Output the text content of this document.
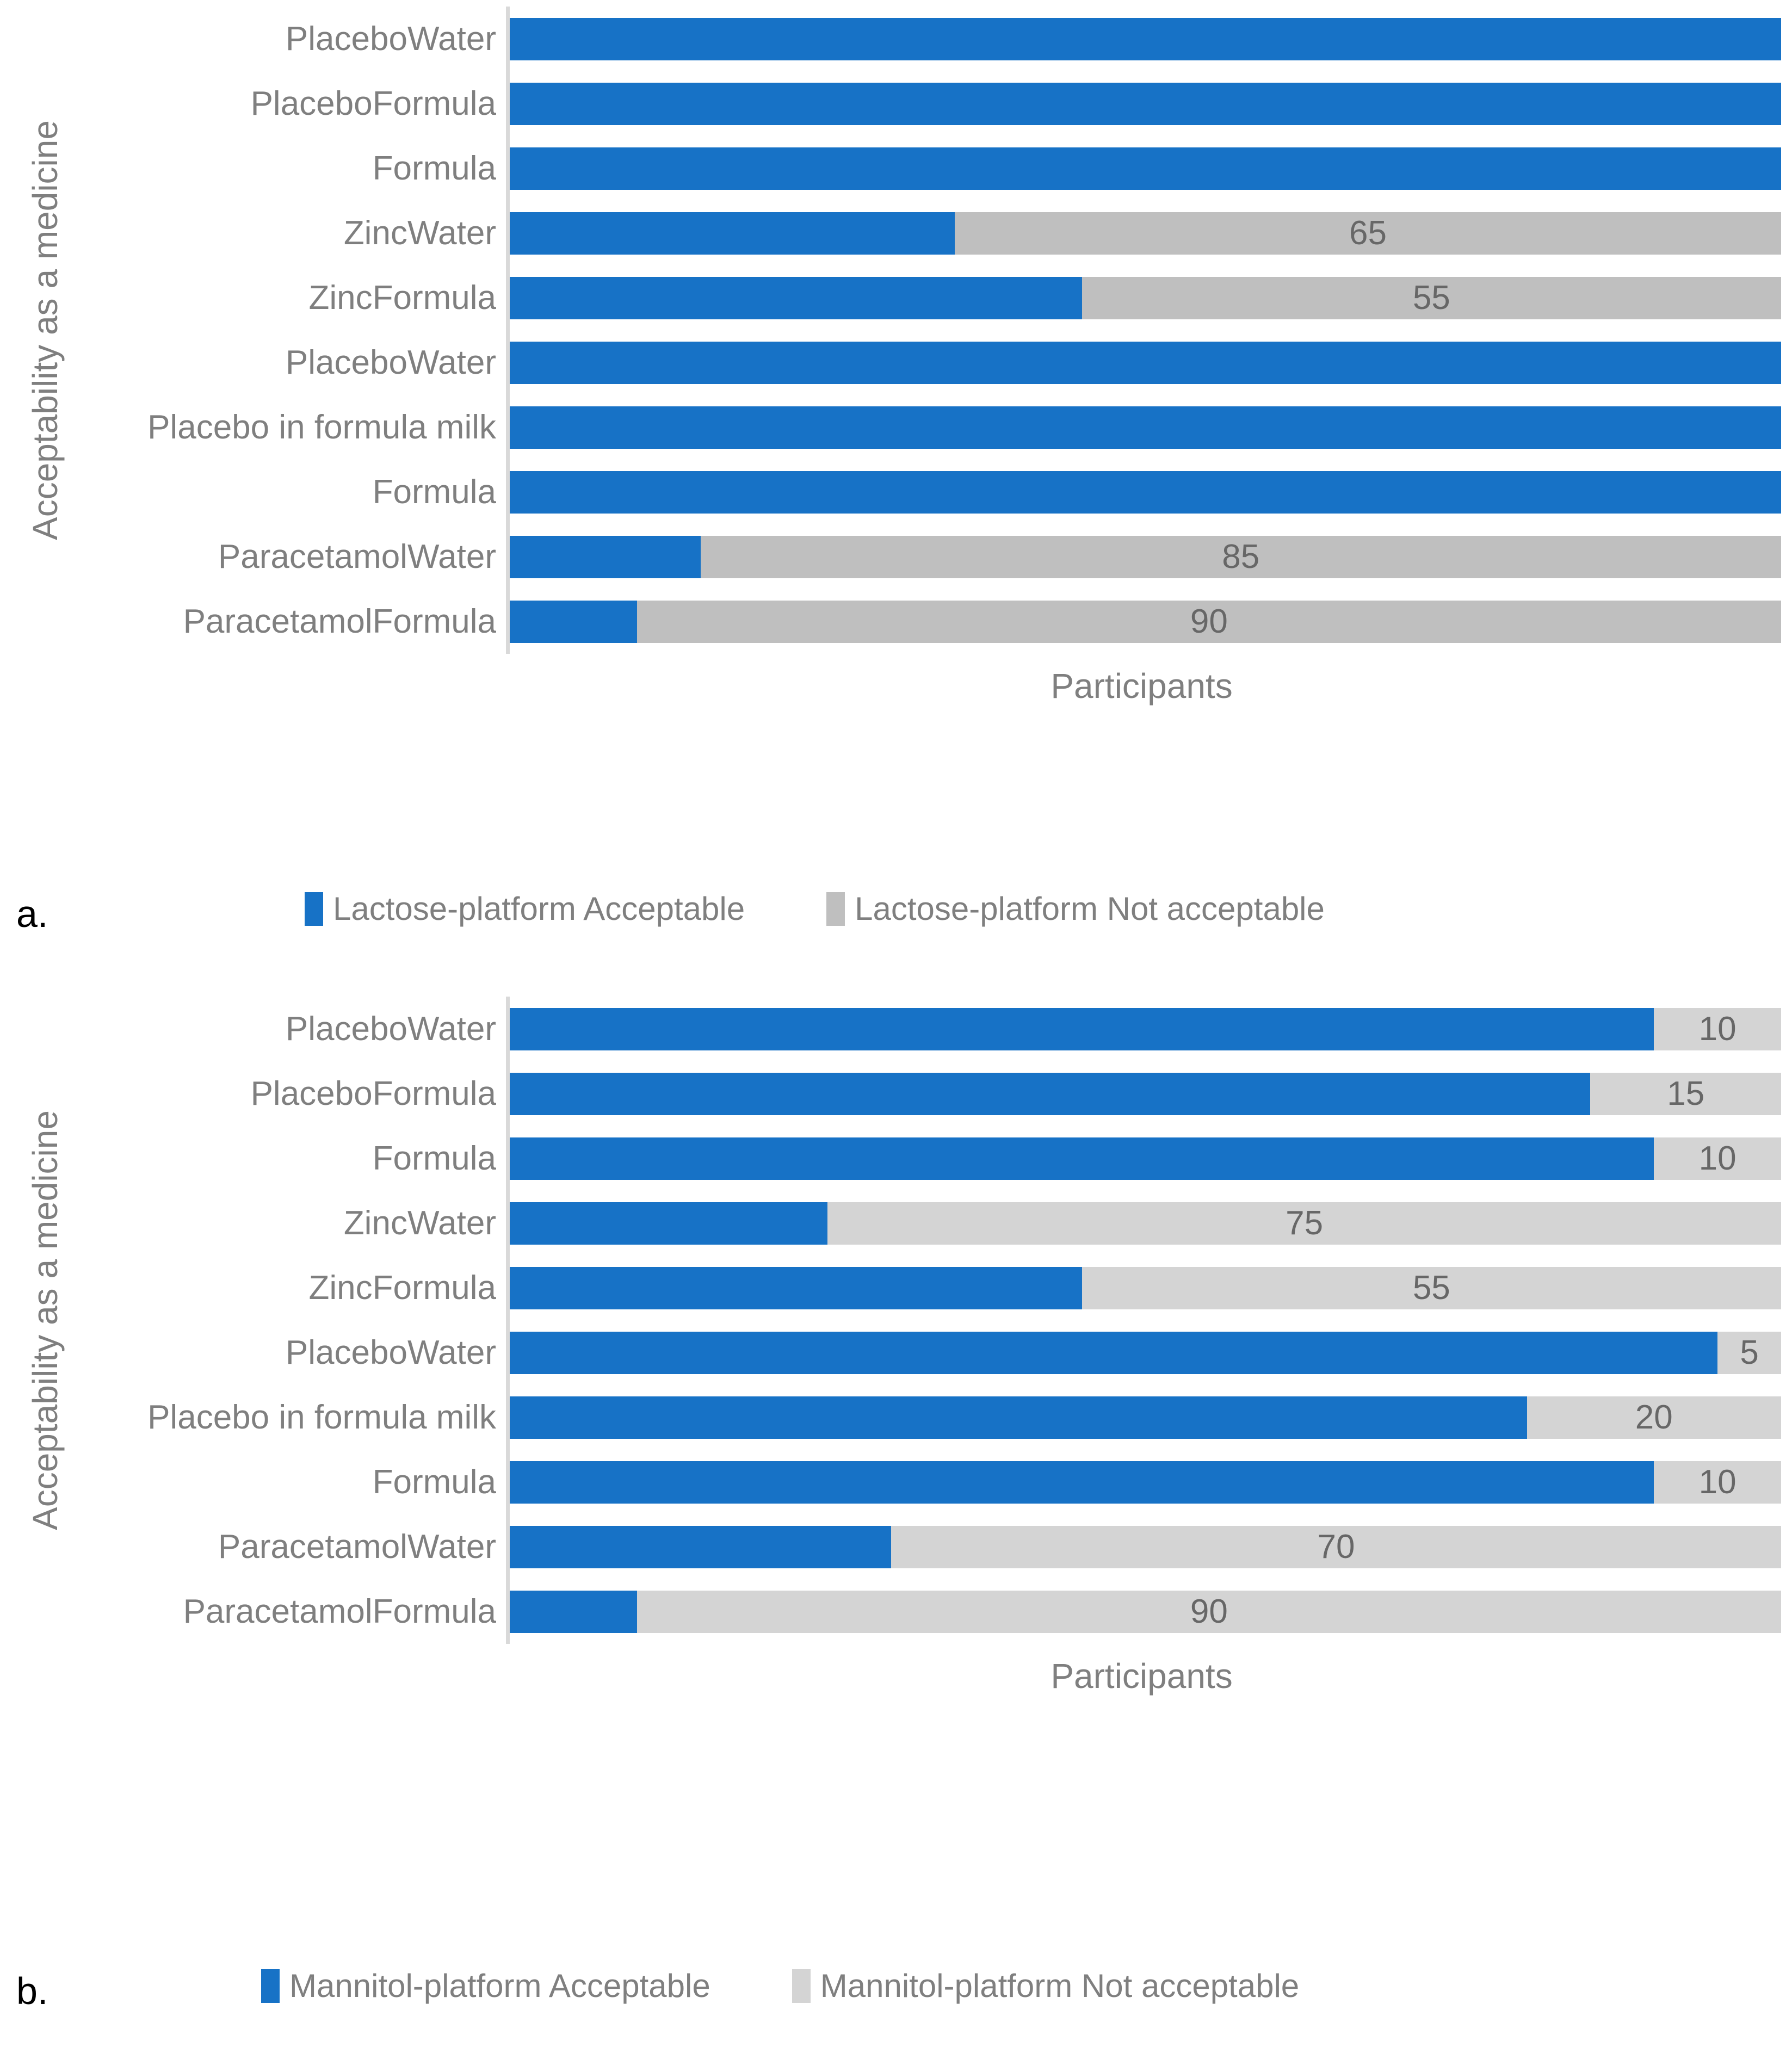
Acceptability as a medicine
PlaceboWater
PlaceboFormula
Formula
ZincWater
ZincFormula
PlaceboWater
Placebo in formula milk
Formula
ParacetamolWater
ParacetamolFormula
65
55
85
90
Participants
a.	Lactose-platform Acceptable	Lactose-platform Not acceptable
Acceptability as a medicine
PlaceboWater
PlaceboFormula
Formula
ZincWater
ZincFormula
PlaceboWater
Placebo in formula milk
Formula
ParacetamolWater
ParacetamolFormula
10
15
10
75
55
5
20
10
70
90
Participants
b.	Mannitol-platform Acceptable	Mannitol-platform Not acceptable
